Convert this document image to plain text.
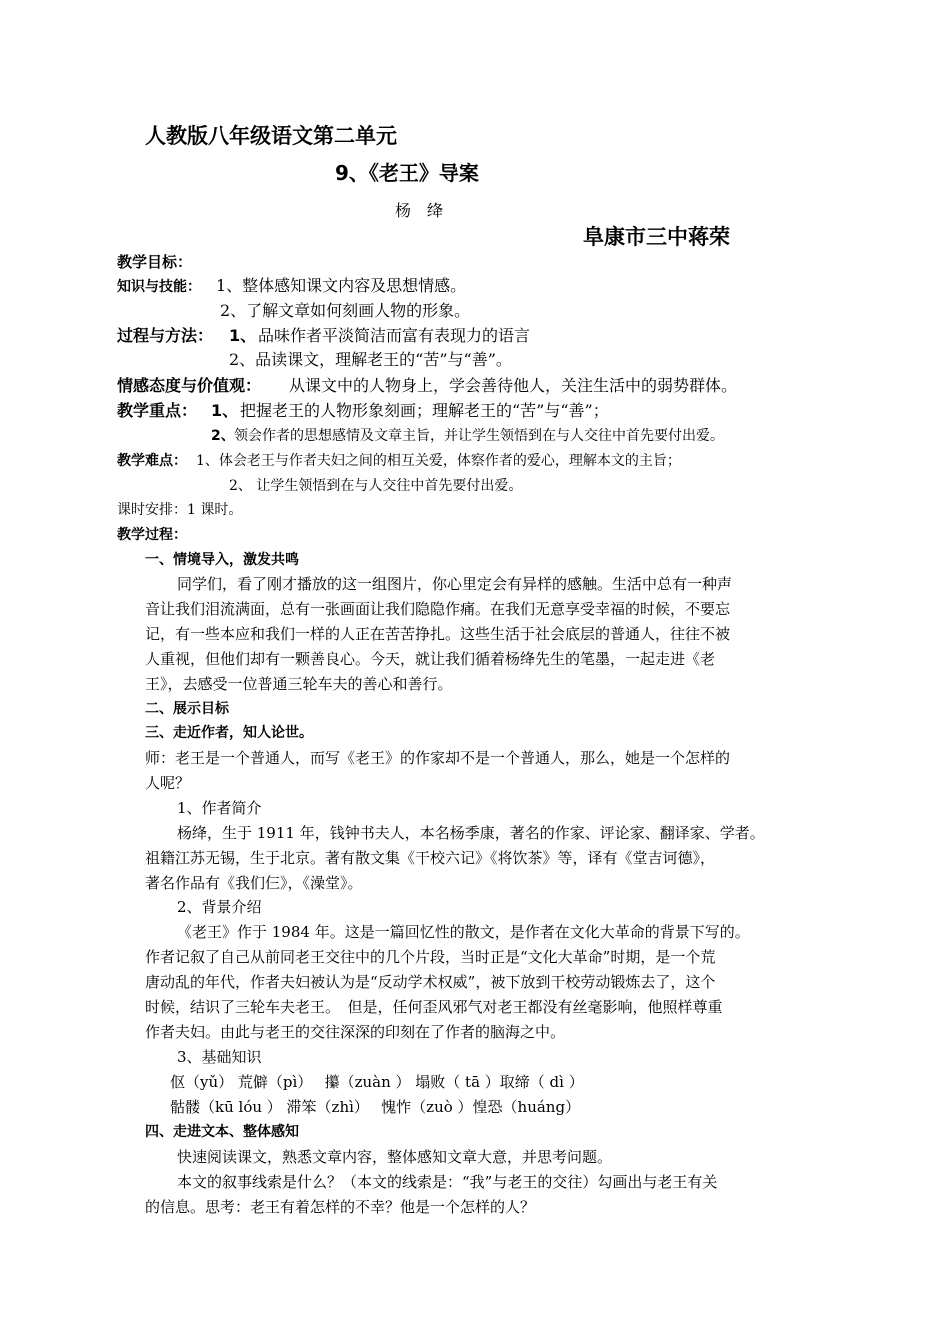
人教版八年级语文第二单元
9、《老王》导案
杨　绛
阜康市三中蒋荣
教学目标：
知识与技能： 1、整体感知课文内容及思想情感。
2、了解文章如何刻画人物的形象。
过程与方法： 1、 品味作者平淡简洁而富有表现力的语言
2、品读课文，理解老王的“苦”与“善”。
情感态度与价值观： 从课文中的人物身上，学会善待他人，关注生活中的弱势群体。
教学重点： 1、 把握老王的人物形象刻画；理解老王的“苦”与“善”；
2、 领会作者的思想感情及文章主旨，并让学生领悟到在与人交往中首先要付出爱。
教学难点： 1、体会老王与作者夫妇之间的相互关爱，体察作者的爱心，理解本文的主旨；
2、 让学生领悟到在与人交往中首先要付出爱。
课时安排：1 课时。
教学过程：
一、情境导入，激发共鸣
同学们，看了刚才播放的这一组图片，你心里定会有异样的感触。生活中总有一种声
音让我们泪流满面，总有一张画面让我们隐隐作痛。在我们无意享受幸福的时候，不要忘
记，有一些本应和我们一样的人正在苦苦挣扎。这些生活于社会底层的普通人，往往不被
人重视，但他们却有一颗善良心。今天，就让我们循着杨绛先生的笔墨，一起走进《老
王》，去感受一位普通三轮车夫的善心和善行。
二、展示目标
三、走近作者，知人论世。
师：老王是一个普通人，而写《老王》的作家却不是一个普通人，那么，她是一个怎样的
人呢？
1、作者简介
杨绛，生于 1911 年，钱钟书夫人，本名杨季康，著名的作家、评论家、翻译家、学者。
祖籍江苏无锡，生于北京。著有散文集《干校六记》《将饮茶》等，译有《堂吉诃德》，
著名作品有《我们仨》，《澡堂》。
2、背景介绍
《老王》作于 1984 年。这是一篇回忆性的散文，是作者在文化大革命的背景下写的。
作者记叙了自己从前同老王交往中的几个片段，当时正是“文化大革命”时期，是一个荒
唐动乱的年代，作者夫妇被认为是“反动学术权威”，被下放到干校劳动锻炼去了，这个
时候，结识了三轮车夫老王。　但是，任何歪风邪气对老王都没有丝毫影响，他照样尊重
作者夫妇。由此与老王的交往深深的印刻在了作者的脑海之中。
3、基础知识
伛（yǔ） 荒僻（pì）　 攥（zuàn ） 塌败（ tā ）取缔（ dì ）
骷髅（kū lóu ） 滞笨（zhì）　 愧怍（zuò ）惶恐（huáng）
四、走进文本、整体感知
快速阅读课文，熟悉文章内容，整体感知文章大意，并思考问题。
本文的叙事线索是什么？（本文的线索是：“我”与老王的交往）勾画出与老王有关
的信息。思考：老王有着怎样的不幸？他是一个怎样的人？
